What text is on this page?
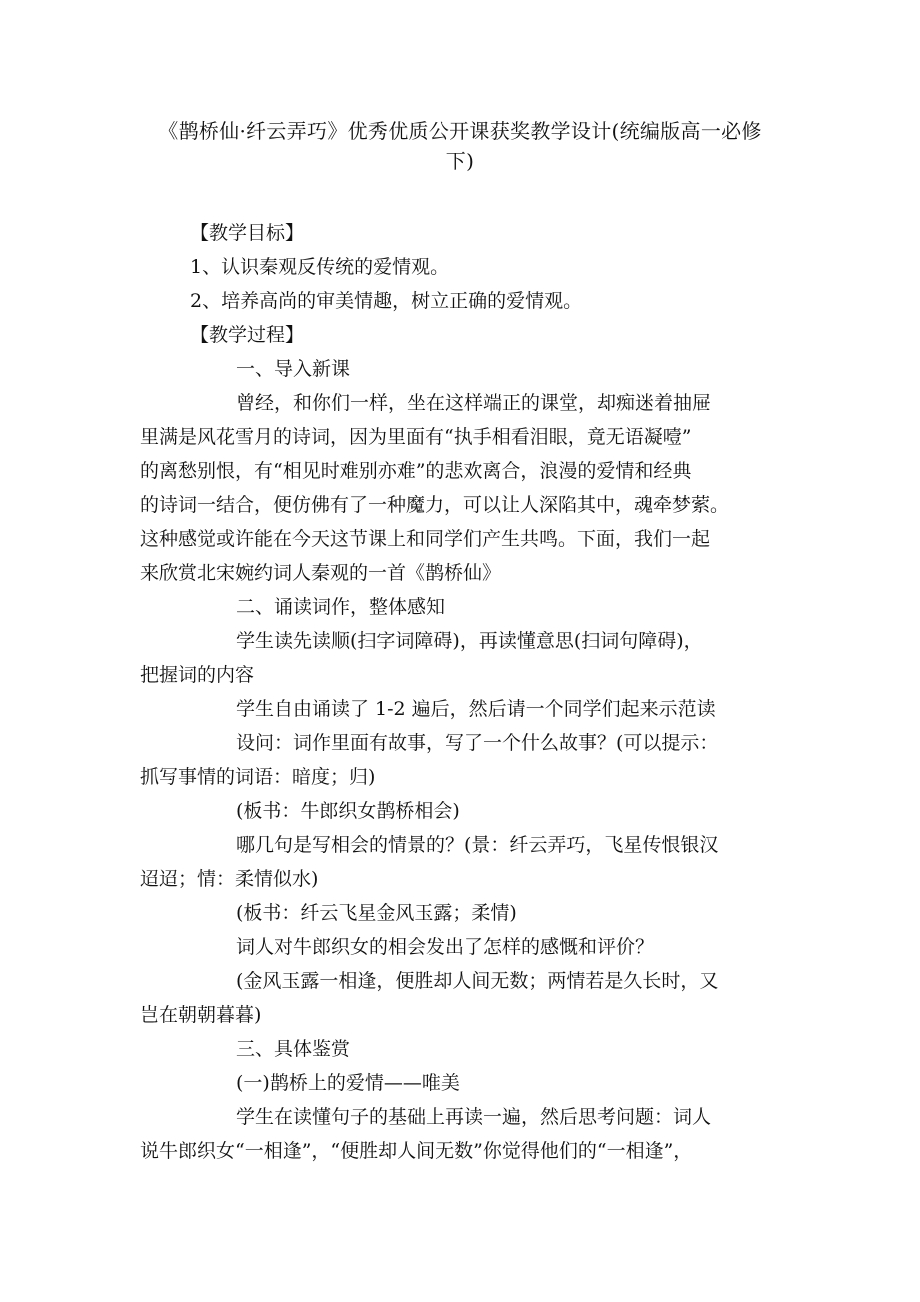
《鹊桥仙·纤云弄巧》优秀优质公开课获奖教学设计(统编版高一必修
下)

【教学目标】

1、认识秦观反传统的爱情观。

2、培养高尚的审美情趣，树立正确的爱情观。

【教学过程】

一、导入新课

曾经，和你们一样，坐在这样端正的课堂，却痴迷着抽屉

里满是风花雪月的诗词，因为里面有“执手相看泪眼，竟无语凝噎”

的离愁别恨，有“相见时难别亦难”的悲欢离合，浪漫的爱情和经典

的诗词一结合，便仿佛有了一种魔力，可以让人深陷其中，魂牵梦萦。

这种感觉或许能在今天这节课上和同学们产生共鸣。下面，我们一起

来欣赏北宋婉约词人秦观的一首《鹊桥仙》

二、诵读词作，整体感知

学生读先读顺(扫字词障碍)，再读懂意思(扫词句障碍)，

把握词的内容

学生自由诵读了 1-2 遍后，然后请一个同学们起来示范读

设问：词作里面有故事，写了一个什么故事？(可以提示：

抓写事情的词语：暗度；归)

(板书：牛郎织女鹊桥相会)

哪几句是写相会的情景的？(景：纤云弄巧，飞星传恨银汉

迢迢；情：柔情似水)

(板书：纤云飞星金风玉露；柔情)

词人对牛郎织女的相会发出了怎样的感慨和评价？

(金风玉露一相逢，便胜却人间无数；两情若是久长时，又

岂在朝朝暮暮)

三、具体鉴赏

(一)鹊桥上的爱情——唯美

学生在读懂句子的基础上再读一遍，然后思考问题：词人

说牛郎织女“一相逢”，“便胜却人间无数”你觉得他们的“一相逢”，
